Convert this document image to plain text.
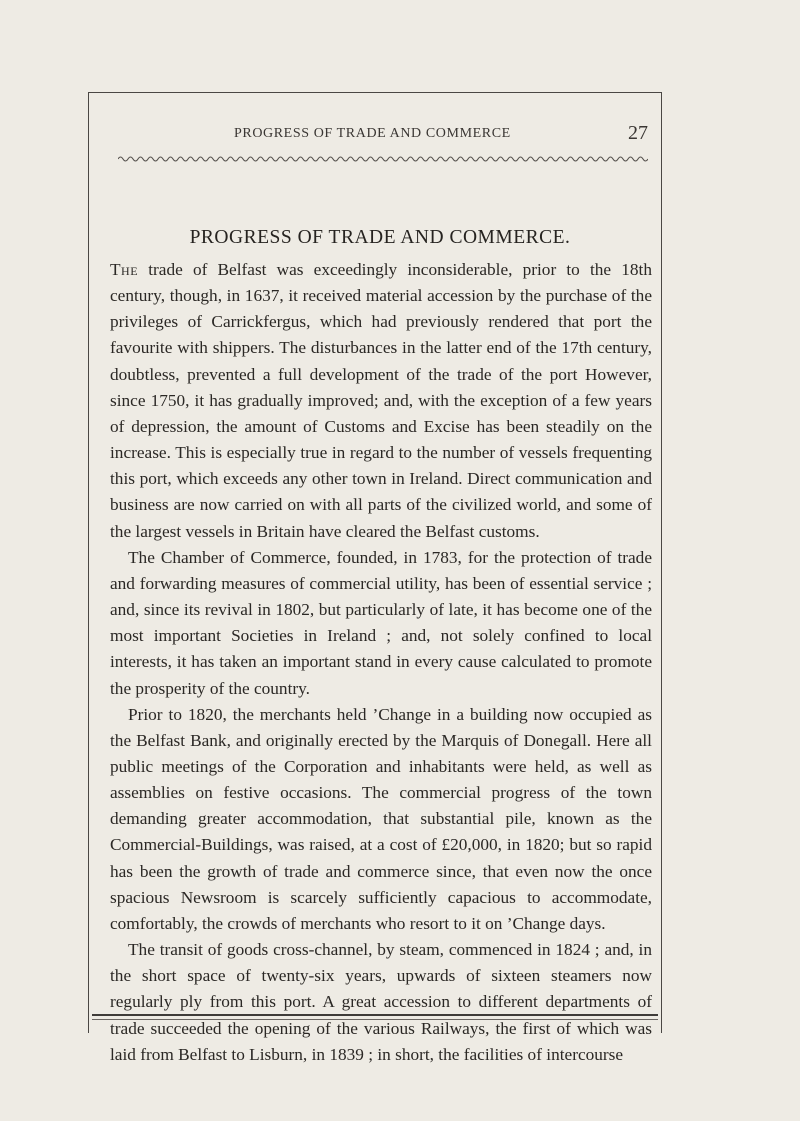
PROGRESS OF TRADE AND COMMERCE	27
PROGRESS OF TRADE AND COMMERCE.

The trade of Belfast was exceedingly inconsiderable, prior to the 18th century, though, in 1637, it received material accession by the purchase of the privileges of Carrickfergus, which had previously rendered that port the favourite with shippers. The disturbances in the latter end of the 17th century, doubtless, prevented a full development of the trade of the port However, since 1750, it has gradually improved; and, with the exception of a few years of depression, the amount of Customs and Excise has been steadily on the increase. This is especially true in regard to the number of vessels frequenting this port, which exceeds any other town in Ireland. Direct communication and business are now carried on with all parts of the civilized world, and some of the largest vessels in Britain have cleared the Belfast customs.

The Chamber of Commerce, founded, in 1783, for the protection of trade and forwarding measures of commercial utility, has been of essential service ; and, since its revival in 1802, but particularly of late, it has become one of the most important Societies in Ireland ; and, not solely confined to local interests, it has taken an important stand in every cause calculated to promote the prosperity of the country.

Prior to 1820, the merchants held ’Change in a building now occupied as the Belfast Bank, and originally erected by the Marquis of Donegall. Here all public meetings of the Corporation and inhabitants were held, as well as assemblies on festive occasions. The commercial progress of the town demanding greater accommodation, that substantial pile, known as the Commercial-Buildings, was raised, at a cost of £20,000, in 1820; but so rapid has been the growth of trade and commerce since, that even now the once spacious Newsroom is scarcely sufficiently capacious to accommodate, comfortably, the crowds of merchants who resort to it on ’Change days.

The transit of goods cross-channel, by steam, commenced in 1824 ; and, in the short space of twenty-six years, upwards of sixteen steamers now regularly ply from this port. A great accession to different departments of trade succeeded the opening of the various Railways, the first of which was laid from Belfast to Lisburn, in 1839 ; in short, the facilities of intercourse
